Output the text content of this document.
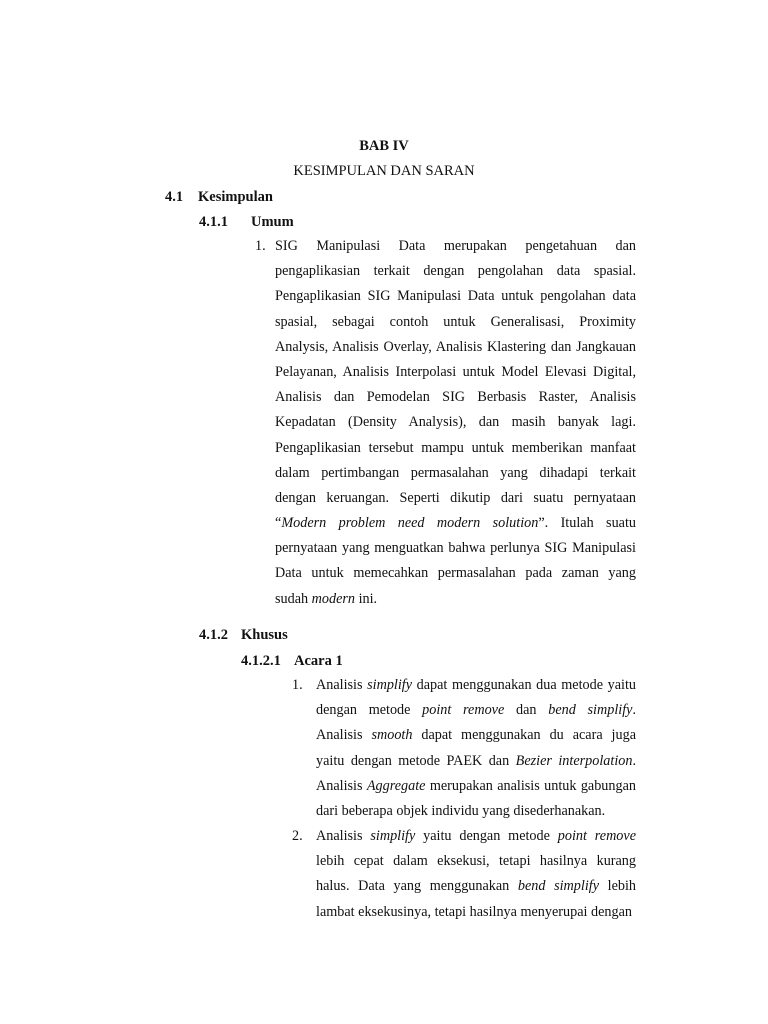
BAB IV
KESIMPULAN DAN SARAN
4.1 Kesimpulan
4.1.1 Umum
1. SIG Manipulasi Data merupakan pengetahuan dan
pengaplikasian terkait dengan pengolahan data spasial.
Pengaplikasian SIG Manipulasi Data untuk pengolahan data
spasial, sebagai contoh untuk Generalisasi, Proximity
Analysis, Analisis Overlay, Analisis Klastering dan Jangkauan
Pelayanan, Analisis Interpolasi untuk Model Elevasi Digital,
Analisis dan Pemodelan SIG Berbasis Raster, Analisis
Kepadatan (Density Analysis), dan masih banyak lagi.
Pengaplikasian tersebut mampu untuk memberikan manfaat
dalam pertimbangan permasalahan yang dihadapi terkait
dengan keruangan. Seperti dikutip dari suatu pernyataan
“Modern problem need modern solution”. Itulah suatu
pernyataan yang menguatkan bahwa perlunya SIG Manipulasi
Data untuk memecahkan permasalahan pada zaman yang
sudah modern ini.
4.1.2 Khusus
4.1.2.1 Acara 1
1. Analisis simplify dapat menggunakan dua metode yaitu
dengan metode point remove dan bend simplify.
Analisis smooth dapat menggunakan du acara juga
yaitu dengan metode PAEK dan Bezier interpolation.
Analisis Aggregate merupakan analisis untuk gabungan
dari beberapa objek individu yang disederhanakan.
2. Analisis simplify yaitu dengan metode point remove
lebih cepat dalam eksekusi, tetapi hasilnya kurang
halus. Data yang menggunakan bend simplify lebih
lambat eksekusinya, tetapi hasilnya menyerupai dengan
